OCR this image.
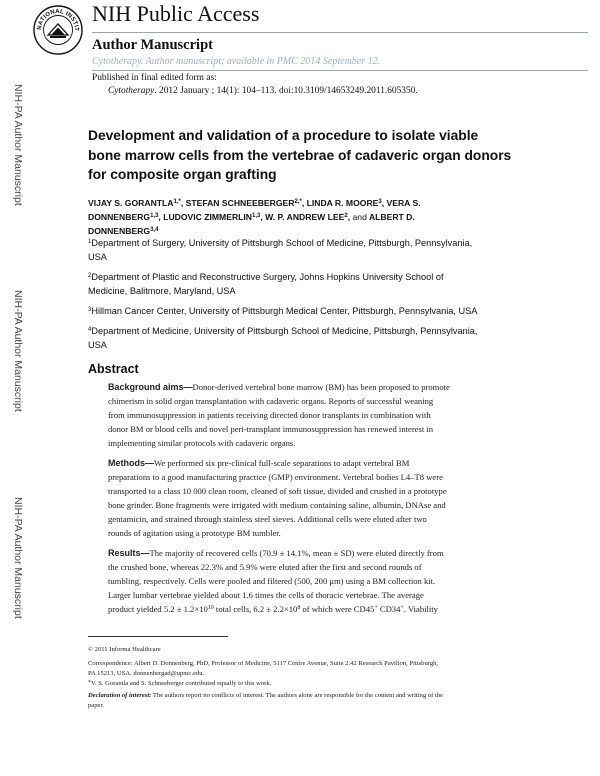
NIH-PA Author Manuscript
NIH-PA Author Manuscript
NIH-PA Author Manuscript
NATIONAL INSTIT
NIH Public Access
Author Manuscript
Cytotherapy. Author manuscript; available in PMC 2014 September 12.
Published in final edited form as:
Cytotherapy. 2012 January ; 14(1): 104–113. doi:10.3109/14653249.2011.605350.
Development and validation of a procedure to isolate viable
bone marrow cells from the vertebrae of cadaveric organ donors
for composite organ grafting
VIJAY S. $GORANTLA^{1,*}$, STEFAN $SCHNEEBERGER^{2,*}$, LINDA R. MOORE$^3$, VERA S.
DONNENBERG$^{1,3}$, LUDOVIC ZIMMERLIN$^{1,3}$, W. P. ANDREW LEE$^2$, and ALBERT D.
DONNENBERG$^{3,4}$
$^1$Department of Surgery, University of Pittsburgh School of Medicine, Pittsburgh, Pennsylvania,
USA
$^2$Department of Plastic and Reconstructive Surgery, Johns Hopkins University School of
Medicine, Balitmore, Maryland, USA
$^3$Hillman Cancer Center, University of Pittsburgh Medical Center, Pittsburgh, Pennsylvania, USA
$^4$Department of Medicine, University of Pittsburgh School of Medicine, Pittsburgh, Pennsylvania,
USA
Abstract
Background aims—Donor-derived vertebral bone marrow (BM) has been proposed to promote
chimerism in solid organ transplantation with cadaveric organs. Reports of successful weaning
from immunosuppression in patients receiving directed donor transplants in combination with
donor BM or blood cells and novel peri-transplant immunosuppression has renewed interest in
implementing similar protocols with cadaveric organs.
Methods—We performed six pre-clinical full-scale separations to adapt vertebral BM
preparations to a good manufacturing practice (GMP) environment. Vertebral bodies L4–T8 were
transported to a class 10 000 clean room, cleaned of soft tissue, divided and crushed in a prototype
bone grinder. Bone fragments were irrigated with medium containing saline, albumin, DNAse and
gentamicin, and strained through stainless steel sieves. Additional cells were eluted after two
rounds of agitation using a prototype BM tumbler.
Results—The majority of recovered cells (70.9 ± 14.1%, mean ± SD) were eluted directly from
the crushed bone, whereas 22.3% and 5.9% were eluted after the first and second rounds of
tumbling, respectively. Cells were pooled and filtered (500, 200 μm) using a BM collection kit.
Larger lumbar vertebrae yielded about 1.6 times the cells of thoracic vertebrae. The average
product yielded $5.2 \pm 1.2\times 10^{10}$ total cells, $6.2 \pm 2.2\times 10^8$ of which were CD45+ CD34+. Viability
© 2011 Informa Healthcare
Correspondence: Albert D. Donnenberg, PhD, Professor of Medicine, 5117 Centre Avenue, Suite 2.42 Research Pavilion, Pittsburgh,
PA 15213, USA. donnenbergad@upmc.edu.
*V. S. Gorantla and S. Schneeberger contributed equally to this work.
Declaration of interest: The authors report no conflicts of interest. The authors alone are responsible for the content and writing of the
paper.
